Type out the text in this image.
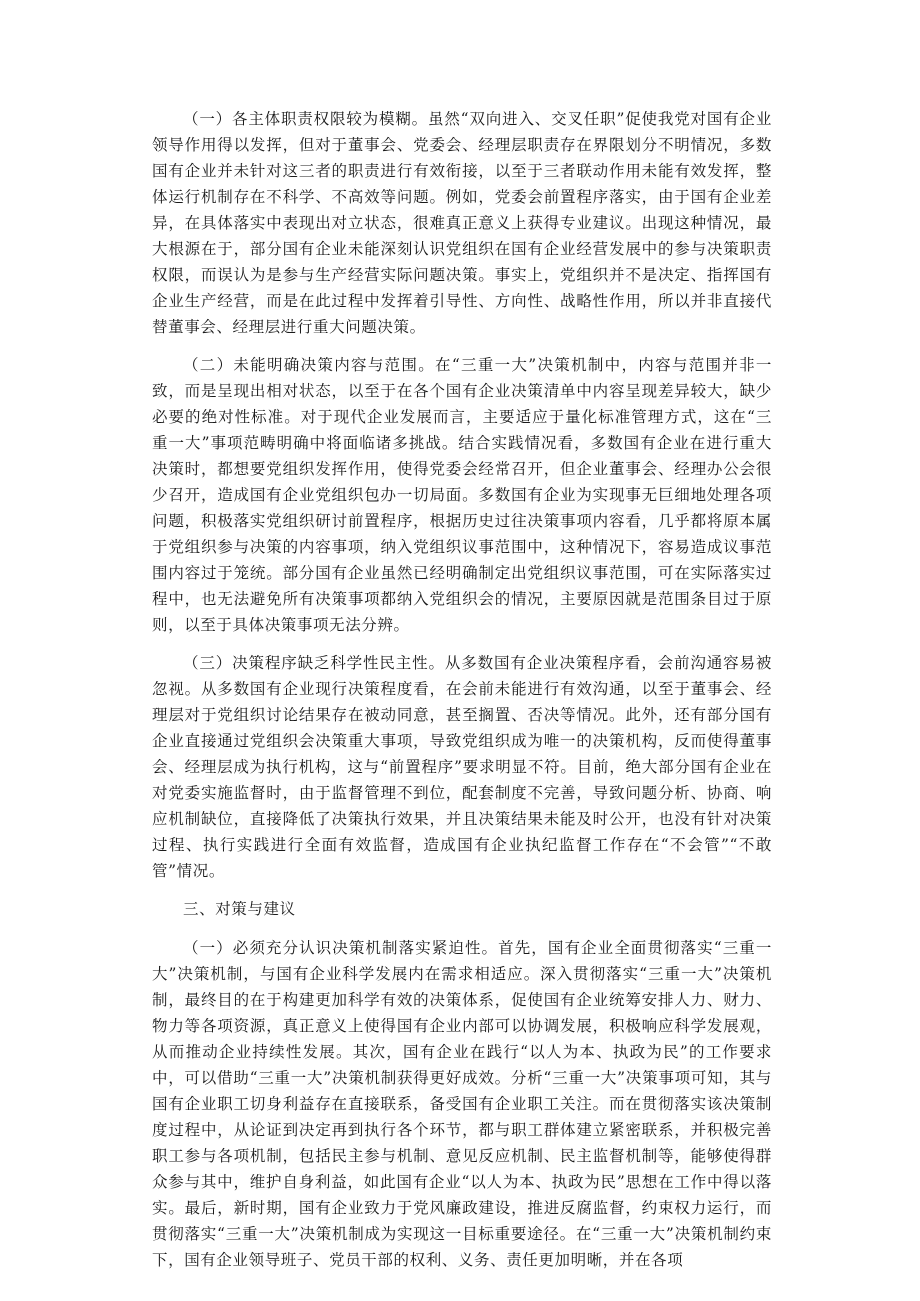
（一）各主体职责权限较为模糊。虽然“双向进入、交叉任职”促使我党对国有企业领导作用得以发挥，但对于董事会、党委会、经理层职责存在界限划分不明情况，多数国有企业并未针对这三者的职责进行有效衔接，以至于三者联动作用未能有效发挥，整体运行机制存在不科学、不高效等问题。例如，党委会前置程序落实，由于国有企业差异，在具体落实中表现出对立状态，很难真正意义上获得专业建议。出现这种情况，最大根源在于，部分国有企业未能深刻认识党组织在国有企业经营发展中的参与决策职责权限，而误认为是参与生产经营实际问题决策。事实上，党组织并不是决定、指挥国有企业生产经营，而是在此过程中发挥着引导性、方向性、战略性作用，所以并非直接代替董事会、经理层进行重大问题决策。

（二）未能明确决策内容与范围。在“三重一大”决策机制中，内容与范围并非一致，而是呈现出相对状态，以至于在各个国有企业决策清单中内容呈现差异较大，缺少必要的绝对性标准。对于现代企业发展而言，主要适应于量化标准管理方式，这在“三重一大”事项范畴明确中将面临诸多挑战。结合实践情况看，多数国有企业在进行重大决策时，都想要党组织发挥作用，使得党委会经常召开，但企业董事会、经理办公会很少召开，造成国有企业党组织包办一切局面。多数国有企业为实现事无巨细地处理各项问题，积极落实党组织研讨前置程序，根据历史过往决策事项内容看，几乎都将原本属于党组织参与决策的内容事项，纳入党组织议事范围中，这种情况下，容易造成议事范围内容过于笼统。部分国有企业虽然已经明确制定出党组织议事范围，可在实际落实过程中，也无法避免所有决策事项都纳入党组织会的情况，主要原因就是范围条目过于原则，以至于具体决策事项无法分辨。

（三）决策程序缺乏科学性民主性。从多数国有企业决策程序看，会前沟通容易被忽视。从多数国有企业现行决策程度看，在会前未能进行有效沟通，以至于董事会、经理层对于党组织讨论结果存在被动同意，甚至搁置、否决等情况。此外，还有部分国有企业直接通过党组织会决策重大事项，导致党组织成为唯一的决策机构，反而使得董事会、经理层成为执行机构，这与“前置程序”要求明显不符。目前，绝大部分国有企业在对党委实施监督时，由于监督管理不到位，配套制度不完善，导致问题分析、协商、响应机制缺位，直接降低了决策执行效果，并且决策结果未能及时公开，也没有针对决策过程、执行实践进行全面有效监督，造成国有企业执纪监督工作存在“不会管”“不敢管”情况。

三、对策与建议

（一）必须充分认识决策机制落实紧迫性。首先，国有企业全面贯彻落实“三重一大”决策机制，与国有企业科学发展内在需求相适应。深入贯彻落实“三重一大”决策机制，最终目的在于构建更加科学有效的决策体系，促使国有企业统筹安排人力、财力、物力等各项资源，真正意义上使得国有企业内部可以协调发展，积极响应科学发展观，从而推动企业持续性发展。其次，国有企业在践行“以人为本、执政为民”的工作要求中，可以借助“三重一大”决策机制获得更好成效。分析“三重一大”决策事项可知，其与国有企业职工切身利益存在直接联系，备受国有企业职工关注。而在贯彻落实该决策制度过程中，从论证到决定再到执行各个环节，都与职工群体建立紧密联系，并积极完善职工参与各项机制，包括民主参与机制、意见反应机制、民主监督机制等，能够使得群众参与其中，维护自身利益，如此国有企业“以人为本、执政为民”思想在工作中得以落实。最后，新时期，国有企业致力于党风廉政建设，推进反腐监督，约束权力运行，而贯彻落实“三重一大”决策机制成为实现这一目标重要途径。在“三重一大”决策机制约束下，国有企业领导班子、党员干部的权利、义务、责任更加明晰，并在各项
